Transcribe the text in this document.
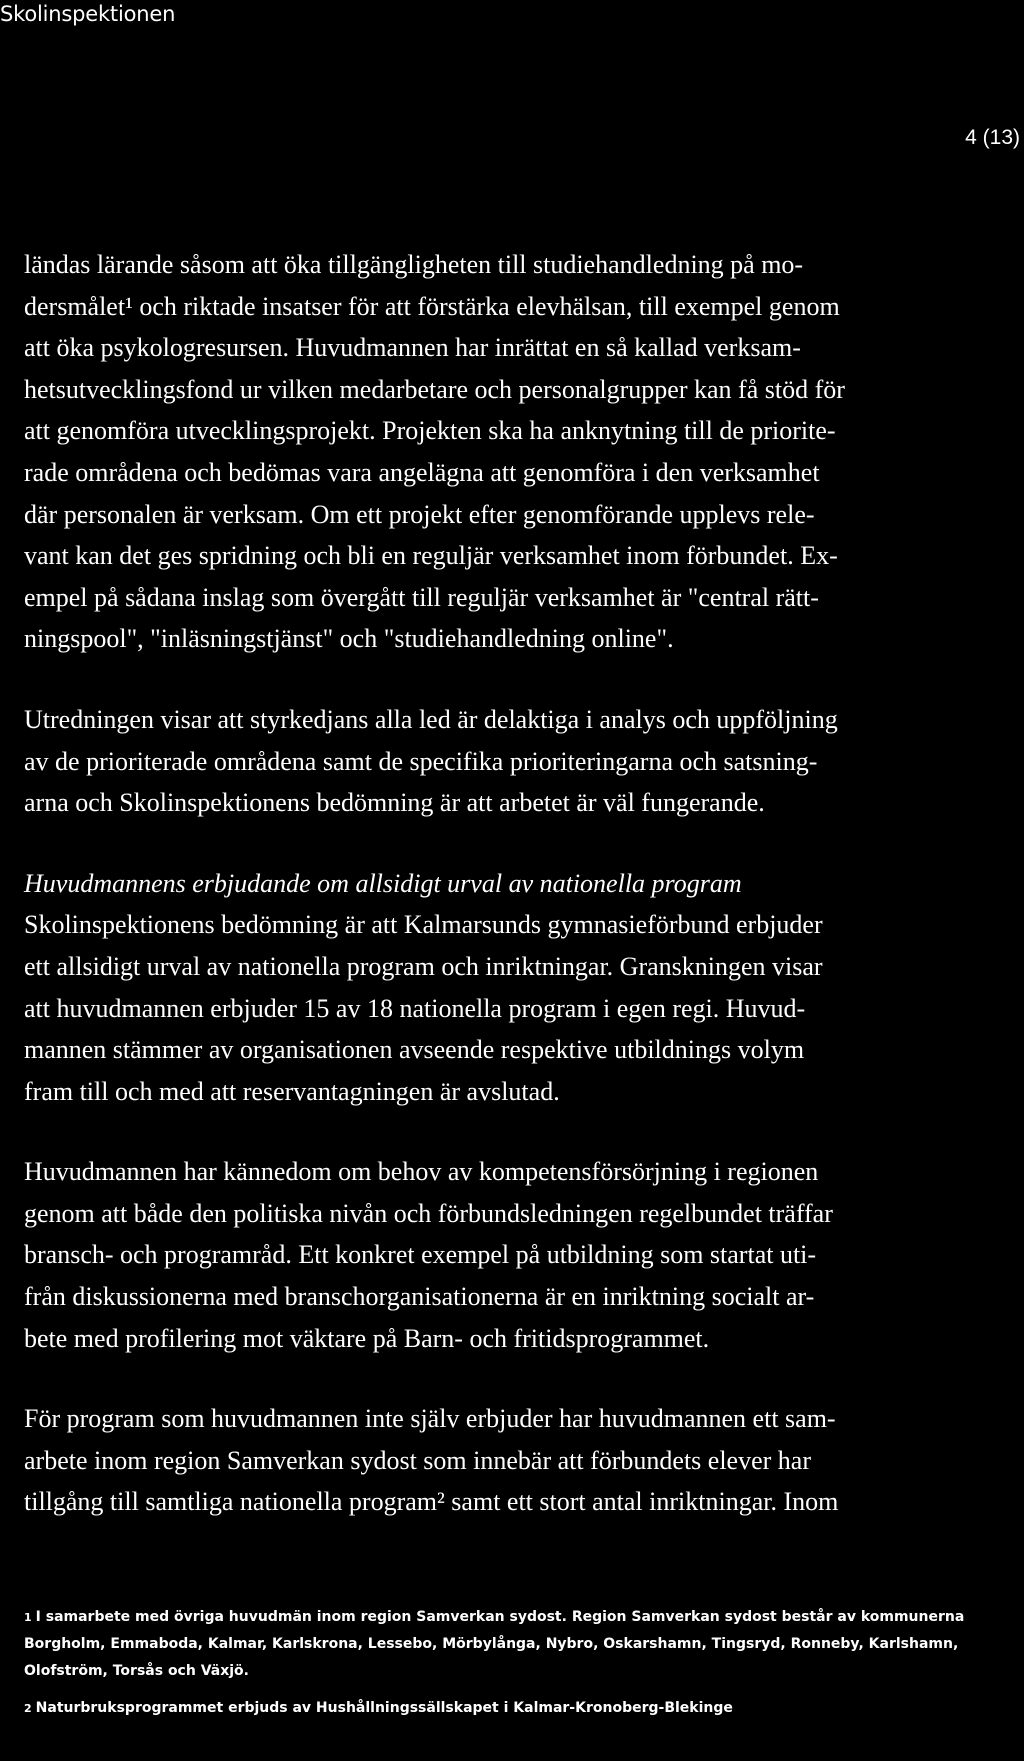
Skolinspektionen
4 (13)
ländas lärande såsom att öka tillgängligheten till studiehandledning på mo-
dersmålet¹ och riktade insatser för att förstärka elevhälsan, till exempel genom
att öka psykologresursen. Huvudmannen har inrättat en så kallad verksam-
hetsutvecklingsfond ur vilken medarbetare och personalgrupper kan få stöd för
att genomföra utvecklingsprojekt. Projekten ska ha anknytning till de priorite-
rade områdena och bedömas vara angelägna att genomföra i den verksamhet
där personalen är verksam. Om ett projekt efter genomförande upplevs rele-
vant kan det ges spridning och bli en reguljär verksamhet inom förbundet. Ex-
empel på sådana inslag som övergått till reguljär verksamhet är "central rätt-
ningspool", "inläsningstjänst" och "studiehandledning online".
Utredningen visar att styrkedjans alla led är delaktiga i analys och uppföljning
av de prioriterade områdena samt de specifika prioriteringarna och satsning-
arna och Skolinspektionens bedömning är att arbetet är väl fungerande.
Huvudmannens erbjudande om allsidigt urval av nationella program
Skolinspektionens bedömning är att Kalmarsunds gymnasieförbund erbjuder
ett allsidigt urval av nationella program och inriktningar. Granskningen visar
att huvudmannen erbjuder 15 av 18 nationella program i egen regi. Huvud-
mannen stämmer av organisationen avseende respektive utbildnings volym
fram till och med att reservantagningen är avslutad.
Huvudmannen har kännedom om behov av kompetensförsörjning i regionen
genom att både den politiska nivån och förbundsledningen regelbundet träffar
bransch- och programråd. Ett konkret exempel på utbildning som startat uti-
från diskussionerna med branschorganisationerna är en inriktning socialt ar-
bete med profilering mot väktare på Barn- och fritidsprogrammet.
För program som huvudmannen inte själv erbjuder har huvudmannen ett sam-
arbete inom region Samverkan sydost som innebär att förbundets elever har
tillgång till samtliga nationella program² samt ett stort antal inriktningar. Inom
1 I samarbete med övriga huvudmän inom region Samverkan sydost. Region Samverkan sydost består av kommunerna
Borgholm, Emmaboda, Kalmar, Karlskrona, Lessebo, Mörbylånga, Nybro, Oskarshamn, Tingsryd, Ronneby, Karlshamn,
Olofström, Torsås och Växjö.
2 Naturbruksprogrammet erbjuds av Hushållningssällskapet i Kalmar-Kronoberg-Blekinge
